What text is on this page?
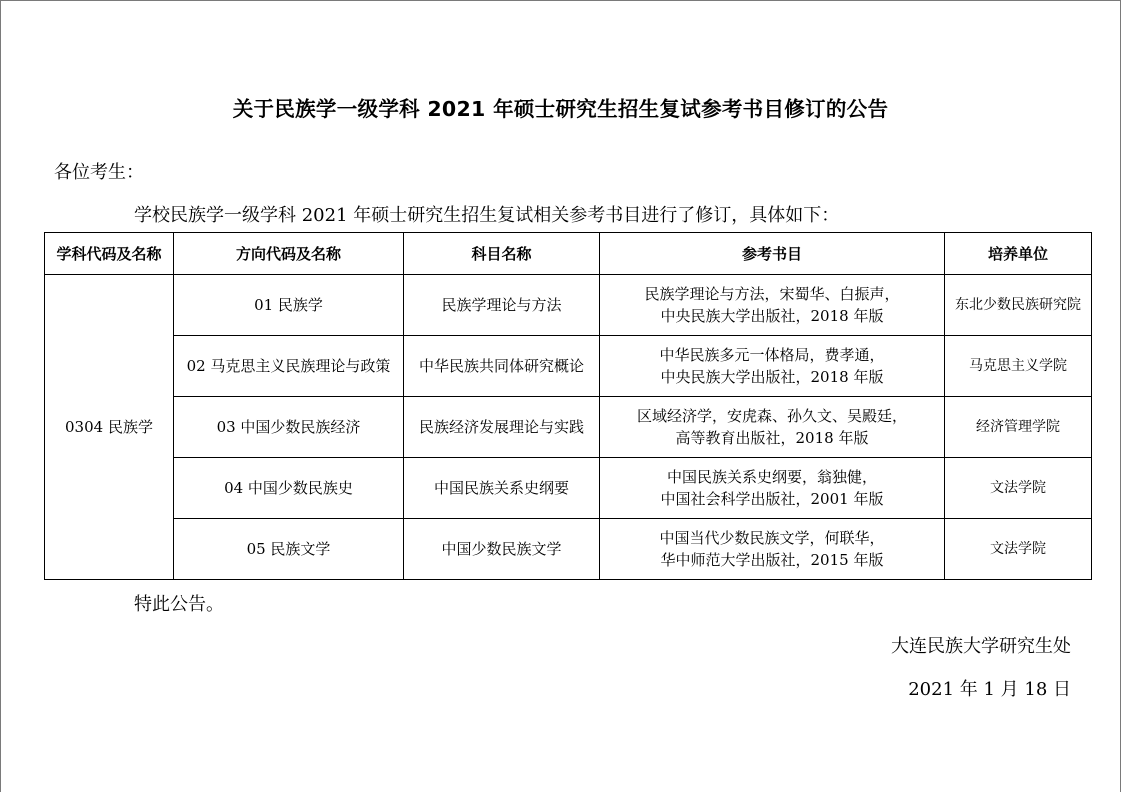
关于民族学一级学科 2021 年硕士研究生招生复试参考书目修订的公告
各位考生：
学校民族学一级学科 2021 年硕士研究生招生复试相关参考书目进行了修订，具体如下：
学科代码及名称	方向代码及名称	科目名称	参考书目	培养单位
0304 民族学	01 民族学	民族学理论与方法	民族学理论与方法，宋蜀华、白振声，
中央民族大学出版社，2018 年版	东北少数民族研究院
	02 马克思主义民族理论与政策	中华民族共同体研究概论	中华民族多元一体格局，费孝通，
中央民族大学出版社，2018 年版	马克思主义学院
	03 中国少数民族经济	民族经济发展理论与实践	区域经济学，安虎森、孙久文、吴殿廷，
高等教育出版社，2018 年版	经济管理学院
	04 中国少数民族史	中国民族关系史纲要	中国民族关系史纲要，翁独健，
中国社会科学出版社，2001 年版	文法学院
	05 民族文学	中国少数民族文学	中国当代少数民族文学，何联华，
华中师范大学出版社，2015 年版	文法学院
特此公告。
大连民族大学研究生处
2021 年 1 月 18 日
